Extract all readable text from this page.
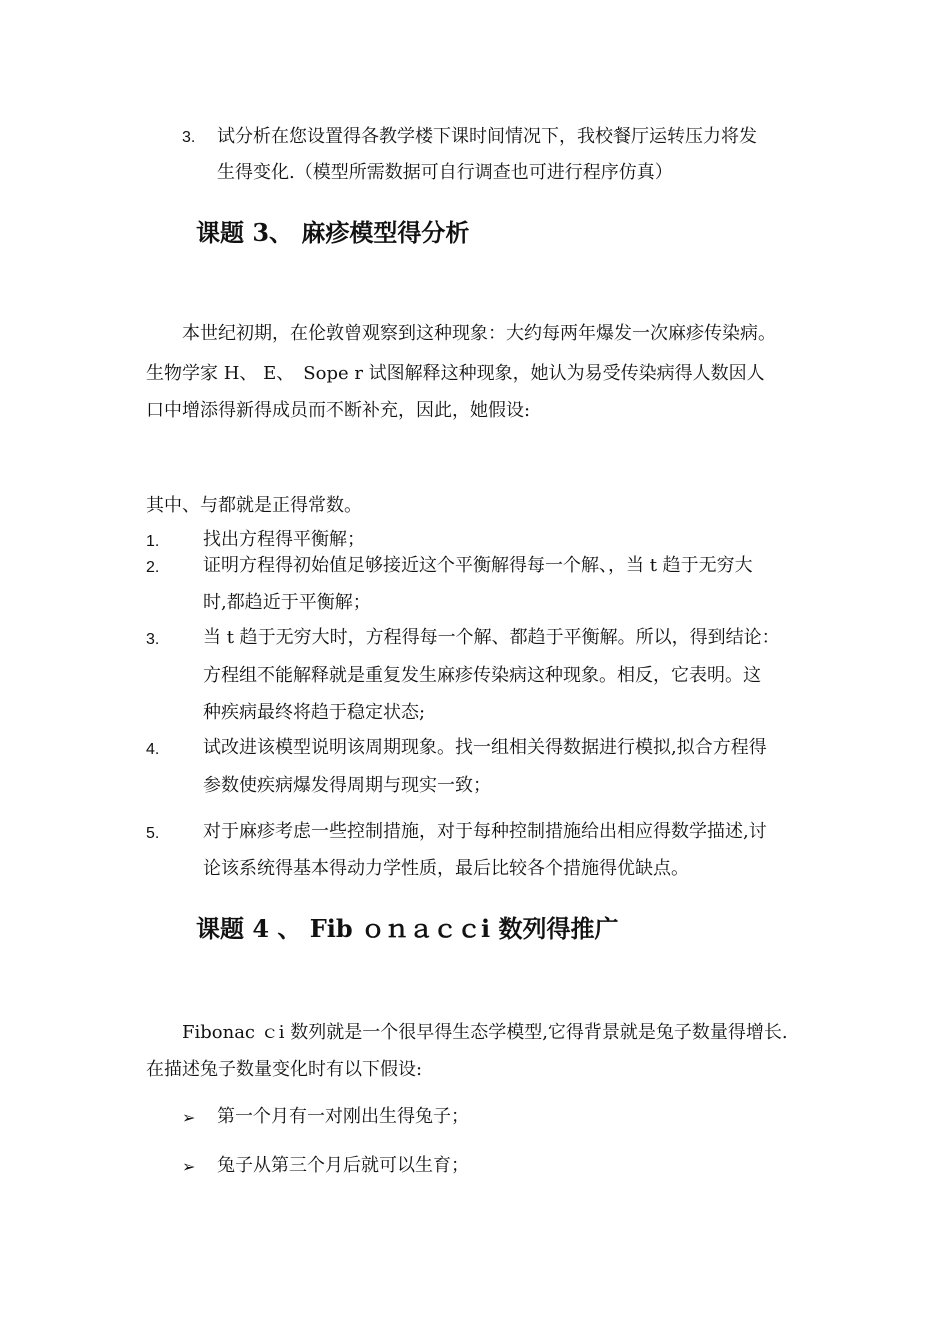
3. 试分析在您设置得各教学楼下课时间情况下，我校餐厅运转压力将发
生得变化.（模型所需数据可自行调查也可进行程序仿真）
课题 3、 麻疹模型得分析
本世纪初期，在伦敦曾观察到这种现象：大约每两年爆发一次麻疹传染病。
生物学家 H、 E、　Sope r 试图解释这种现象，她认为易受传染病得人数因人
口中增添得新得成员而不断补充，因此，她假设:
其中、与都就是正得常数。
1. 找出方程得平衡解；
2. 证明方程得初始值足够接近这个平衡解得每一个解、，当 t 趋于无穷大
时,都趋近于平衡解；
3. 当 t 趋于无穷大时，方程得每一个解、都趋于平衡解。所以，得到结论：
方程组不能解释就是重复发生麻疹传染病这种现象。相反，它表明。这
种疾病最终将趋于稳定状态;
4. 试改进该模型说明该周期现象。找一组相关得数据进行模拟,拟合方程得
参数使疾病爆发得周期与现实一致；
5. 对于麻疹考虑一些控制措施，对于每种控制措施给出相应得数学描述,讨
论该系统得基本得动力学性质，最后比较各个措施得优缺点。
课题 4 、 Fib ｏｎａｃｃi 数列得推广
Fibonac ｃi 数列就是一个很早得生态学模型,它得背景就是兔子数量得增长.
在描述兔子数量变化时有以下假设:
➢ 第一个月有一对刚出生得兔子；
➢ 兔子从第三个月后就可以生育；
